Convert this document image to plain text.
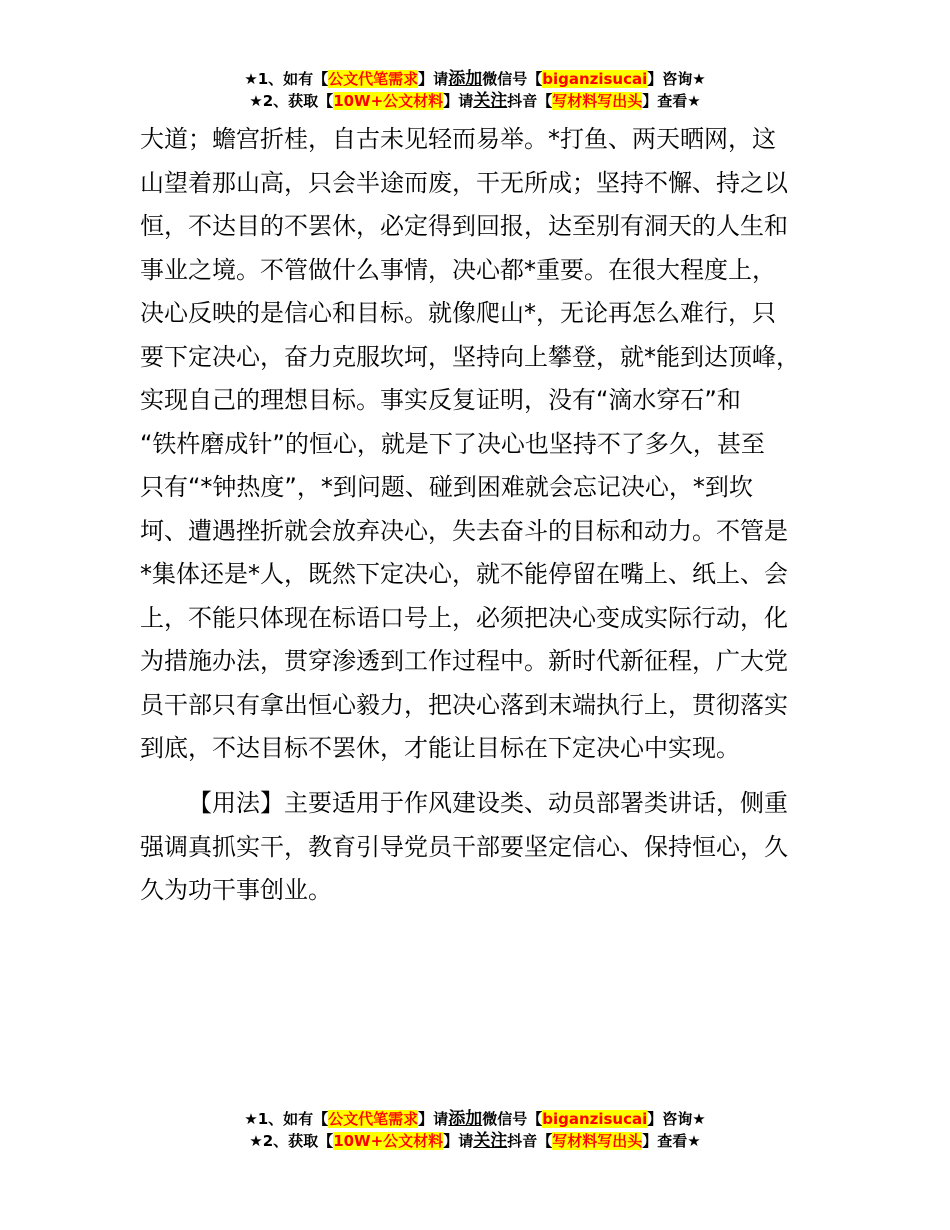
★1、如有【公文代笔需求】请添加微信号【biganzisucai】咨询★
★2、获取【10W+公文材料】请关注抖音【写材料写出头】查看★
大道；蟾宫折桂，自古未见轻而易举。*打鱼、两天晒网，这
山望着那山高，只会半途而废，干无所成；坚持不懈、持之以
恒，不达目的不罢休，必定得到回报，达至别有洞天的人生和
事业之境。不管做什么事情，决心都*重要。在很大程度上，
决心反映的是信心和目标。就像爬山*，无论再怎么难行，只
要下定决心，奋力克服坎坷，坚持向上攀登，就*能到达顶峰，
实现自己的理想目标。事实反复证明，没有“滴水穿石”和
“铁杵磨成针”的恒心，就是下了决心也坚持不了多久，甚至
只有“*钟热度”，*到问题、碰到困难就会忘记决心，*到坎
坷、遭遇挫折就会放弃决心，失去奋斗的目标和动力。不管是
*集体还是*人，既然下定决心，就不能停留在嘴上、纸上、会
上，不能只体现在标语口号上，必须把决心变成实际行动，化
为措施办法，贯穿渗透到工作过程中。新时代新征程，广大党
员干部只有拿出恒心毅力，把决心落到末端执行上，贯彻落实
到底，不达目标不罢休，才能让目标在下定决心中实现。
【用法】主要适用于作风建设类、动员部署类讲话，侧重
强调真抓实干，教育引导党员干部要坚定信心、保持恒心，久
久为功干事创业。
★1、如有【公文代笔需求】请添加微信号【biganzisucai】咨询★
★2、获取【10W+公文材料】请关注抖音【写材料写出头】查看★
